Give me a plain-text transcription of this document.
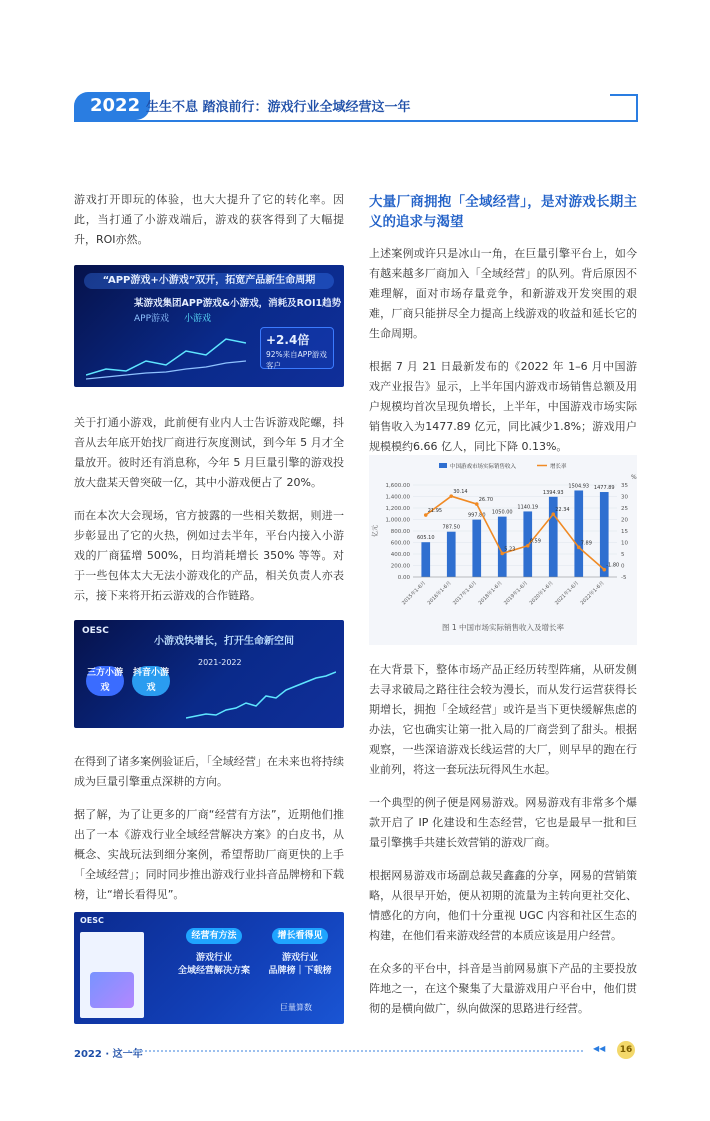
2022 生生不息 踏浪前行：游戏行业全域经营这一年

游戏打开即玩的体验，也大大提升了它的转化率。因此，当打通了小游戏端后，游戏的获客得到了大幅提升，ROI亦然。

“APP游戏+小游戏”双开，拓宽产品新生命周期
某游戏集团APP游戏&小游戏，消耗及ROI1趋势
APP游戏 小游戏
+2.4倍
92%来自APP游戏客户

关于打通小游戏，此前便有业内人士告诉游戏陀螺，抖音从去年底开始找厂商进行灰度测试，到今年 5 月才全量放开。彼时还有消息称，今年 5 月巨量引擎的游戏投放大盘某天曾突破一亿，其中小游戏便占了 20%。

而在本次大会现场，官方披露的一些相关数据，则进一步彰显出了它的火热，例如过去半年，平台内接入小游戏的厂商猛增 500%，日均消耗增长 350% 等等。对于一些包体太大无法小游戏化的产品，相关负责人亦表示，接下来将开拓云游戏的合作链路。

OESC
小游戏快增长，打开生命新空间
三方小游戏
抖音小游戏
2021-2022

在得到了诸多案例验证后，「全域经营」在未来也将持续成为巨量引擎重点深耕的方向。

据了解，为了让更多的厂商“经营有方法”，近期他们推出了一本《游戏行业全域经营解决方案》的白皮书，从概念、实战玩法到细分案例，希望帮助厂商更快的上手「全域经营」；同时同步推出游戏行业抖音品牌榜和下载榜，让“增长看得见”。

OESC
经营有方法
游戏行业
全域经营解决方案
增长看得见
游戏行业
品牌榜｜下载榜
巨量算数
大量厂商拥抱「全域经营」，是对游戏长期主义的追求与渴望

上述案例或许只是冰山一角，在巨量引擎平台上，如今有越来越多厂商加入「全域经营」的队列。背后原因不难理解，面对市场存量竞争，和新游戏开发突围的艰难，厂商只能拼尽全力提高上线游戏的收益和延长它的生命周期。

根据 7 月 21 日最新发布的《2022 年 1–6 月中国游戏产业报告》显示，上半年国内游戏市场销售总额及用户规模均首次呈现负增长，上半年，中国游戏市场实际销售收入为1477.89 亿元，同比减少1.8%；游戏用户规模模约6.66 亿人，同比下降 0.13%。

0.00
200.00
400.00
600.00
800.00
1,000.00
1,200.00
1,400.00
1,600.00
-5
0
5
10
15
20
25
30
35
亿元
%
中国游戏市场实际销售收入	增长率
605.10
2015年1-6月
787.50
2016年1-6月
997.80
2017年1-6月
1050.00
2018年1-6月
1140.19
2019年1-6月
1394.93
2020年1-6月
1504.93
2021年1-6月
1477.89
2022年1-6月
21.95
30.14
26.70
5.23
8.59
22.34
7.89
-1.80
图 1 中国市场实际销售收入及增长率

在大背景下，整体市场产品正经历转型阵痛，从研发侧去寻求破局之路往往会较为漫长，而从发行运营获得长期增长，拥抱「全域经营」或许是当下更快缓解焦虑的办法，它也确实让第一批入局的厂商尝到了甜头。根据观察，一些深谙游戏长线运营的大厂，则早早的跑在行业前列，将这一套玩法玩得风生水起。

一个典型的例子便是网易游戏。网易游戏有非常多个爆款开启了 IP 化建设和生态经营，它也是最早一批和巨量引擎携手共建长效营销的游戏厂商。

根据网易游戏市场副总裁吴鑫鑫的分享，网易的营销策略，从很早开始，便从初期的流量为主转向更社交化、情感化的方向，他们十分重视 UGC 内容和社区生态的构建，在他们看来游戏经营的本质应该是用户经营。

在众多的平台中，抖音是当前网易旗下产品的主要投放阵地之一，在这个聚集了大量游戏用户平台中，他们贯彻的是横向做广，纵向做深的思路进行经营。

2022 · 这一年
◀◀	16
